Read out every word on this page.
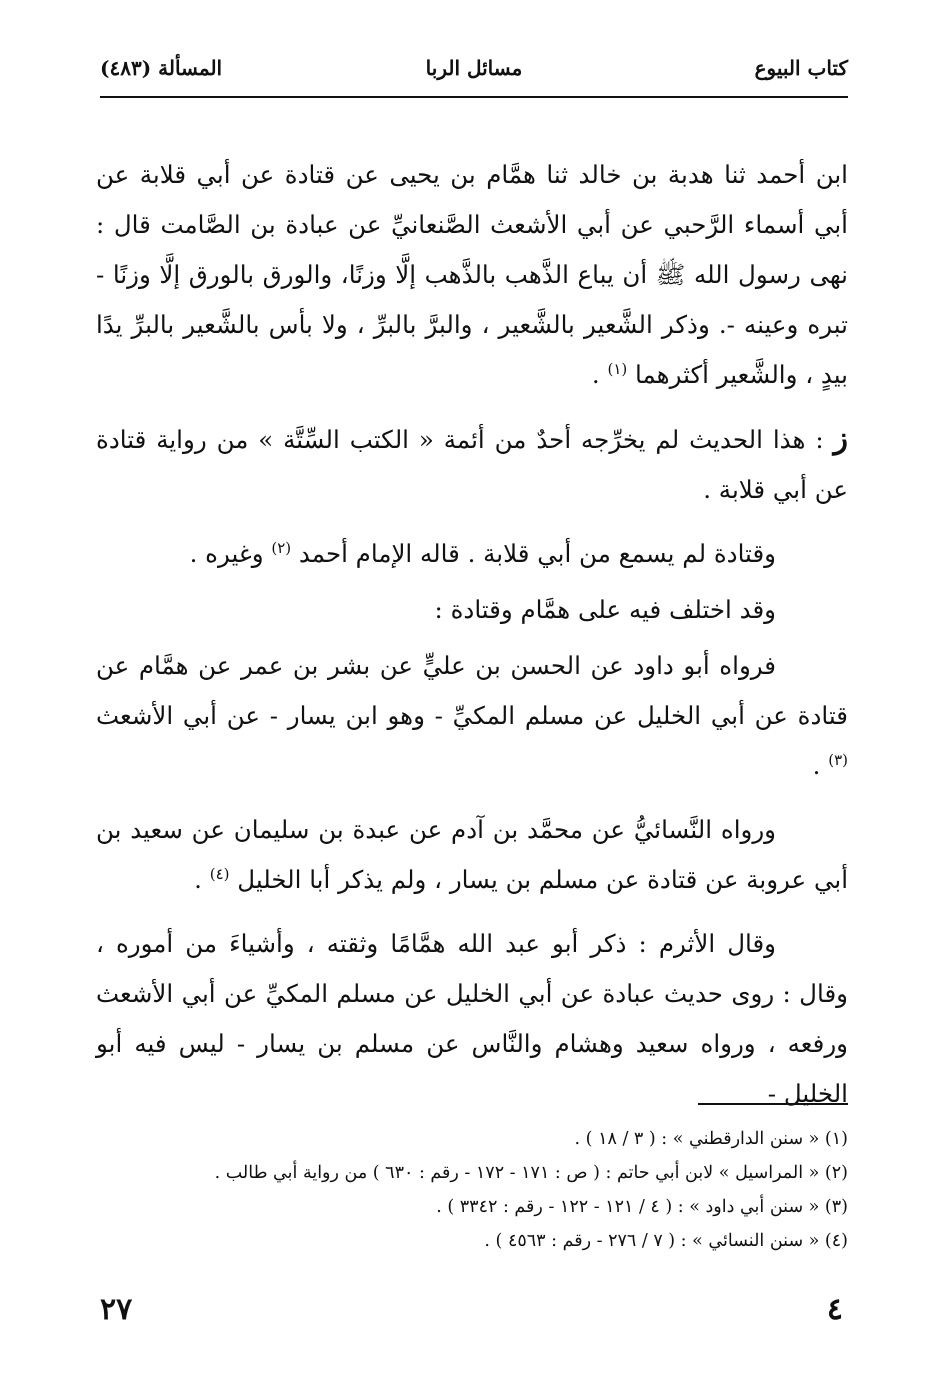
كتاب البيوع
مسائل الربا
المسألة (٤٨٣)

ابن أحمد ثنا هدبة بن خالد ثنا همَّام بن يحيى عن قتادة عن أبي قلابة عن أبي أسماء الرَّحبي عن أبي الأشعث الصَّنعانيِّ عن عبادة بن الصَّامت قال : نهى رسول الله ﷺ أن يباع الذَّهب بالذَّهب إلَّا وزنًا، والورق بالورق إلَّا وزنًا - تبره وعينه -. وذكر الشَّعير بالشَّعير ، والبرَّ بالبرِّ ، ولا بأس بالشَّعير بالبرِّ يدًا بيدٍ ، والشَّعير أكثرهما $^{(١)}$ .

ز : هذا الحديث لم يخرِّجه أحدٌ من أئمة « الكتب السِّتَّة » من رواية قتادة عن أبي قلابة .

وقتادة لم يسمع من أبي قلابة . قاله الإمام أحمد $^{(٢)}$ وغيره .

وقد اختلف فيه على همَّام وقتادة :

فرواه أبو داود عن الحسن بن عليٍّ عن بشر بن عمر عن همَّام عن قتادة عن أبي الخليل عن مسلم المكيِّ - وهو ابن يسار - عن أبي الأشعث $^{(٣)}$ .

ورواه النَّسائيُّ عن محمَّد بن آدم عن عبدة بن سليمان عن سعيد بن أبي عروبة عن قتادة عن مسلم بن يسار ، ولم يذكر أبا الخليل $^{(٤)}$ .

وقال الأثرم : ذكر أبو عبد الله همَّامًا وثقته ، وأشياءَ من أموره ، وقال : روى حديث عبادة عن أبي الخليل عن مسلم المكيِّ عن أبي الأشعث ورفعه ، ورواه سعيد وهشام والنَّاس عن مسلم بن يسار - ليس فيه أبو الخليل -

(١) « سنن الدارقطني » : ( ٣ / ١٨ ) .
(٢) « المراسيل » لابن أبي حاتم : ( ص : ١٧١ - ١٧٢ - رقم : ٦٣٠ ) من رواية أبي طالب .
(٣) « سنن أبي داود » : ( ٤ / ١٢١ - ١٢٢ - رقم : ٣٣٤٢ ) .
(٤) « سنن النسائي » : ( ٧ / ٢٧٦ - رقم : ٤٥٦٣ ) .
٤
٢٧
